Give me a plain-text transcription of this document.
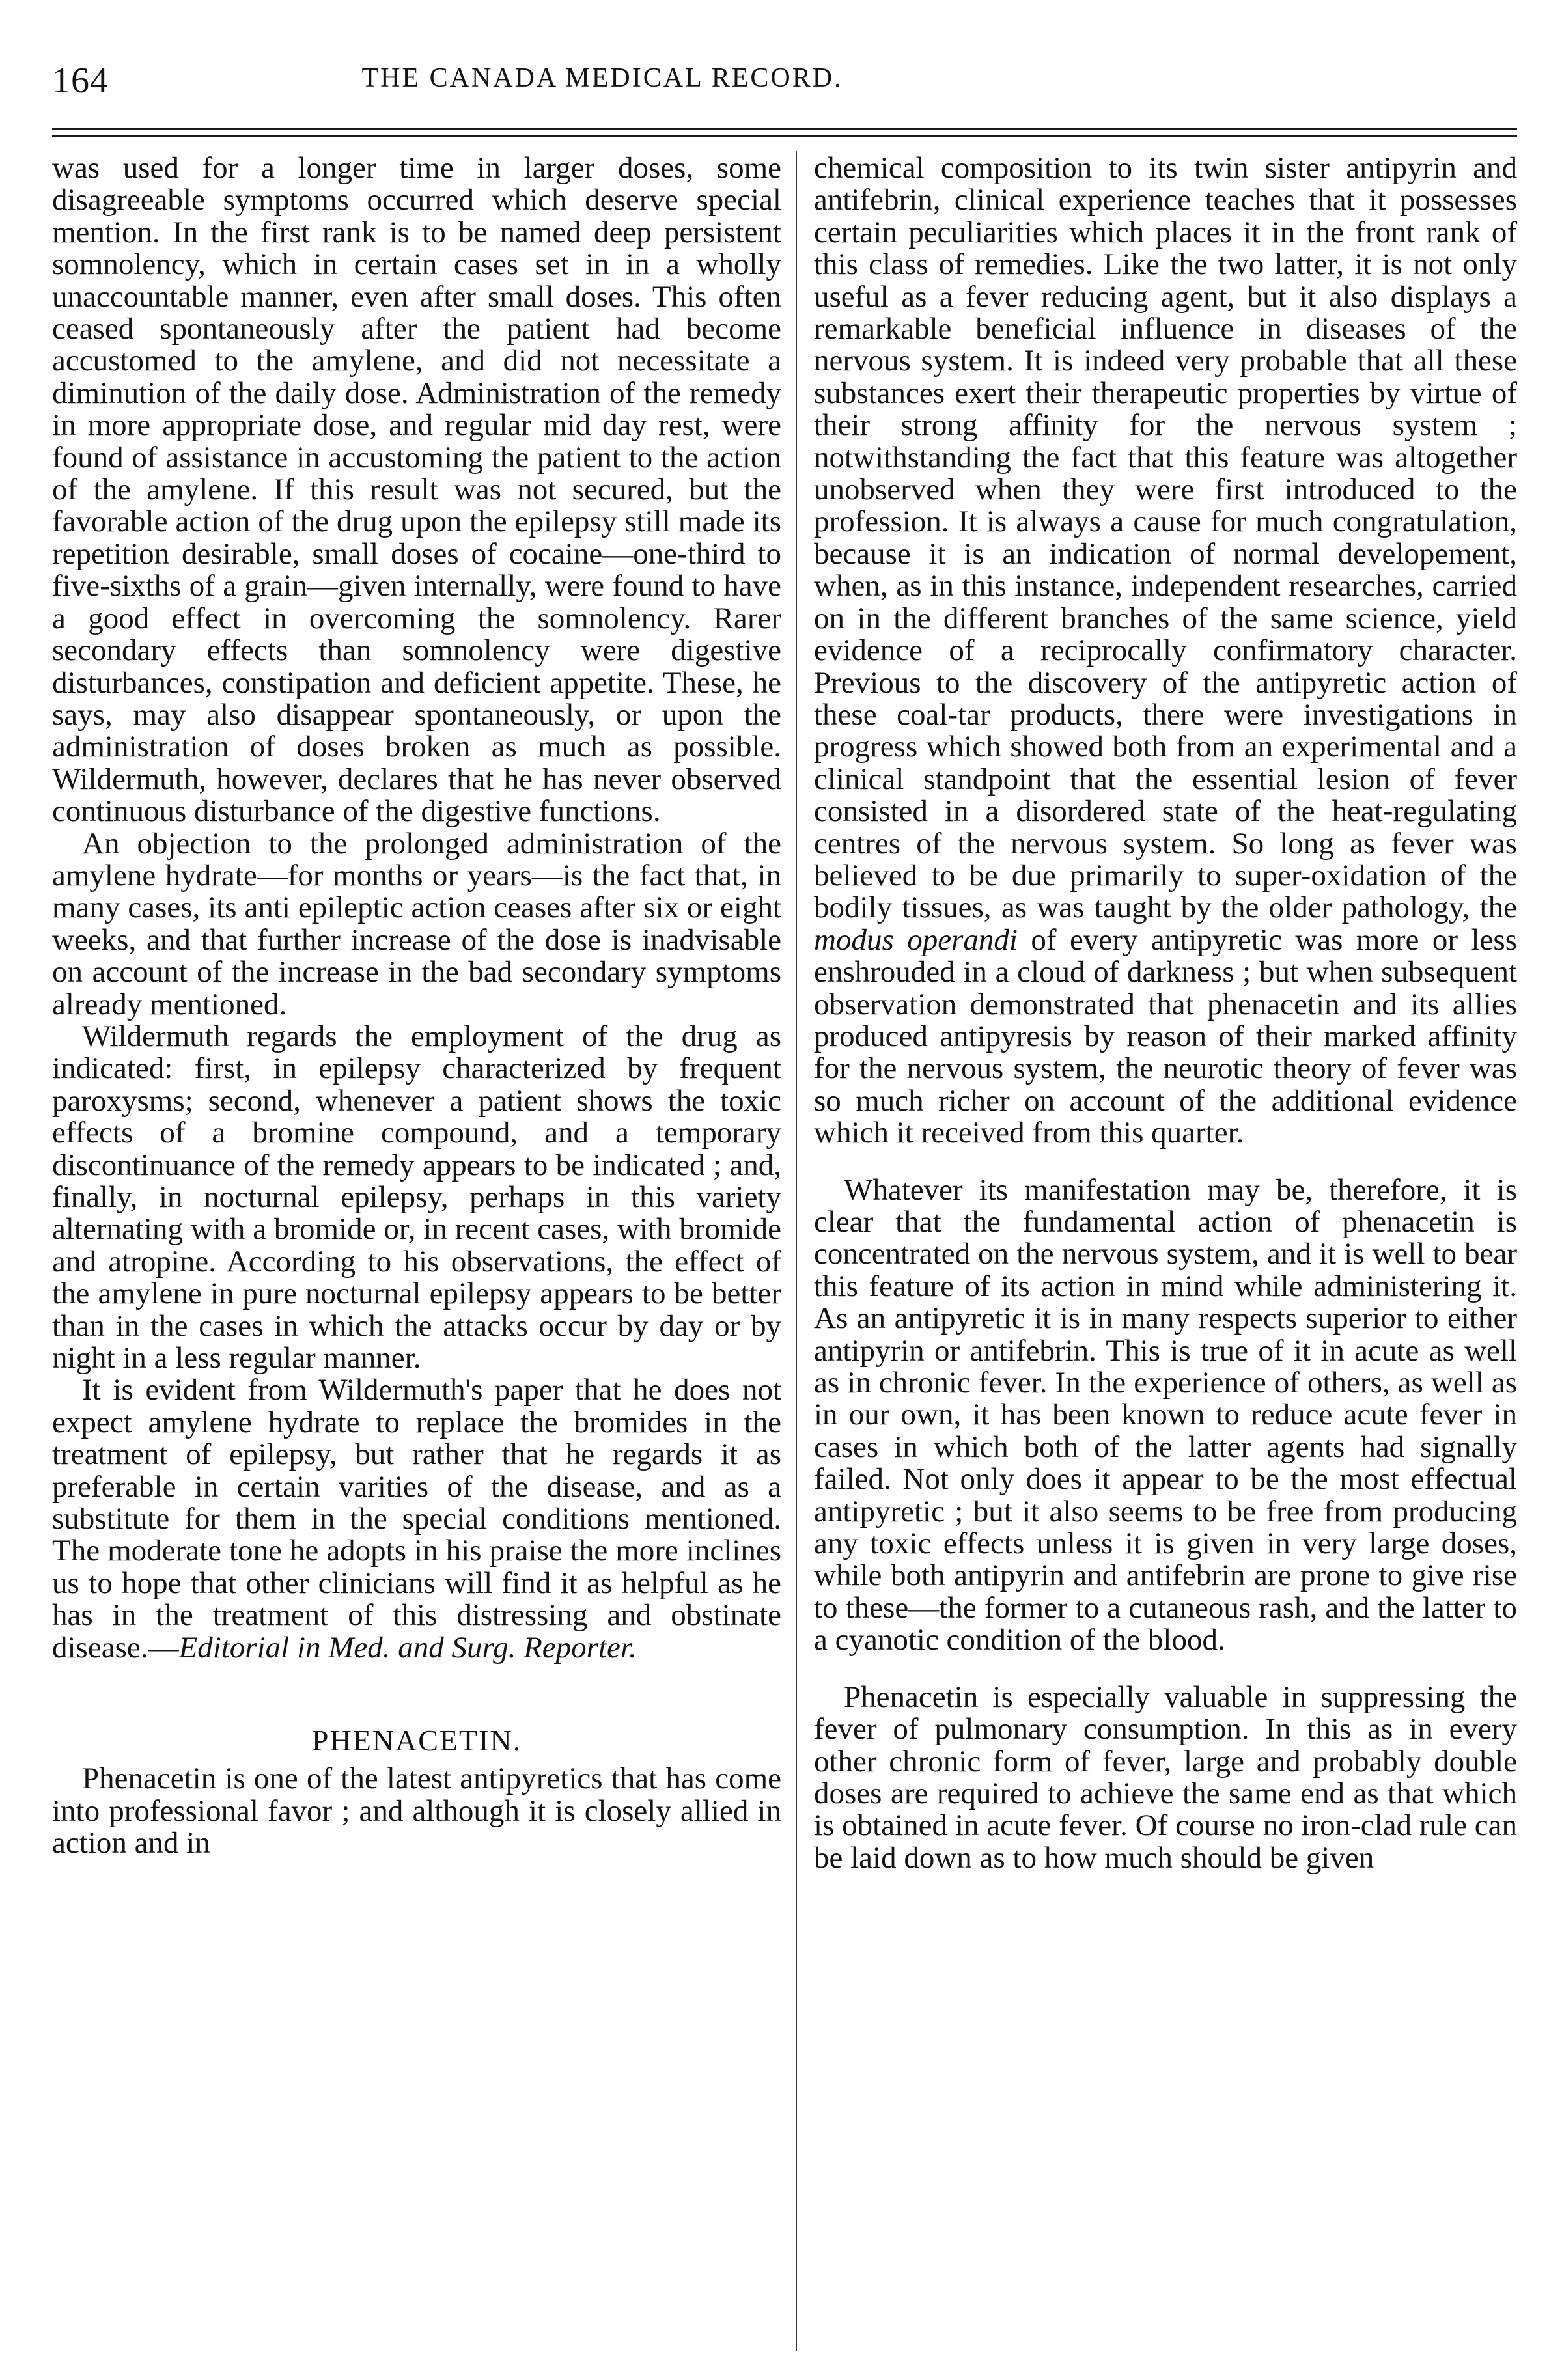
164	THE CANADA MEDICAL RECORD.

was used for a longer time in larger doses, some disagreeable symptoms occurred which deserve special mention. In the first rank is to be named deep persistent somnolency, which in certain cases set in in a wholly unaccountable manner, even after small doses. This often ceased spontaneously after the patient had become accustomed to the amylene, and did not necessitate a diminution of the daily dose. Administration of the remedy in more appropriate dose, and regular mid day rest, were found of assistance in accustoming the patient to the action of the amylene. If this result was not secured, but the favorable action of the drug upon the epilepsy still made its repetition desirable, small doses of cocaine—one-third to five-sixths of a grain—given internally, were found to have a good effect in overcoming the somnolency. Rarer secondary effects than somnolency were digestive disturbances, constipation and deficient appetite. These, he says, may also disappear spontaneously, or upon the administration of doses broken as much as possible. Wildermuth, however, declares that he has never observed continuous disturbance of the digestive functions.

An objection to the prolonged administration of the amylene hydrate—for months or years—is the fact that, in many cases, its anti epileptic action ceases after six or eight weeks, and that further increase of the dose is inadvisable on account of the increase in the bad secondary symptoms already mentioned.

Wildermuth regards the employment of the drug as indicated: first, in epilepsy characterized by frequent paroxysms; second, whenever a patient shows the toxic effects of a bromine compound, and a temporary discontinuance of the remedy appears to be indicated ; and, finally, in nocturnal epilepsy, perhaps in this variety alternating with a bromide or, in recent cases, with bromide and atropine. According to his observations, the effect of the amylene in pure nocturnal epilepsy appears to be better than in the cases in which the attacks occur by day or by night in a less regular manner.

It is evident from Wildermuth's paper that he does not expect amylene hydrate to replace the bromides in the treatment of epilepsy, but rather that he regards it as preferable in certain varities of the disease, and as a substitute for them in the special conditions mentioned. The moderate tone he adopts in his praise the more inclines us to hope that other clinicians will find it as helpful as he has in the treatment of this distressing and obstinate disease.—Editorial in Med. and Surg. Reporter.

PHENACETIN.

Phenacetin is one of the latest antipyretics that has come into professional favor ; and although it is closely allied in action and in

chemical composition to its twin sister antipyrin and antifebrin, clinical experience teaches that it possesses certain peculiarities which places it in the front rank of this class of remedies. Like the two latter, it is not only useful as a fever reducing agent, but it also displays a remarkable beneficial influence in diseases of the nervous system. It is indeed very probable that all these substances exert their therapeutic properties by virtue of their strong affinity for the nervous system ; notwithstanding the fact that this feature was altogether unobserved when they were first introduced to the profession. It is always a cause for much congratulation, because it is an indication of normal developement, when, as in this instance, independent researches, carried on in the different branches of the same science, yield evidence of a reciprocally confirmatory character. Previous to the discovery of the antipyretic action of these coal-tar products, there were investigations in progress which showed both from an experimental and a clinical standpoint that the essential lesion of fever consisted in a disordered state of the heat-regulating centres of the nervous system. So long as fever was believed to be due primarily to super-oxidation of the bodily tissues, as was taught by the older pathology, the modus operandi of every antipyretic was more or less enshrouded in a cloud of darkness ; but when subsequent observation demonstrated that phenacetin and its allies produced antipyresis by reason of their marked affinity for the nervous system, the neurotic theory of fever was so much richer on account of the additional evidence which it received from this quarter.

Whatever its manifestation may be, therefore, it is clear that the fundamental action of phenacetin is concentrated on the nervous system, and it is well to bear this feature of its action in mind while administering it. As an antipyretic it is in many respects superior to either antipyrin or antifebrin. This is true of it in acute as well as in chronic fever. In the experience of others, as well as in our own, it has been known to reduce acute fever in cases in which both of the latter agents had signally failed. Not only does it appear to be the most effectual antipyretic ; but it also seems to be free from producing any toxic effects unless it is given in very large doses, while both antipyrin and antifebrin are prone to give rise to these—the former to a cutaneous rash, and the latter to a cyanotic condition of the blood.

Phenacetin is especially valuable in suppressing the fever of pulmonary consumption. In this as in every other chronic form of fever, large and probably double doses are required to achieve the same end as that which is obtained in acute fever. Of course no iron-clad rule can be laid down as to how much should be given
